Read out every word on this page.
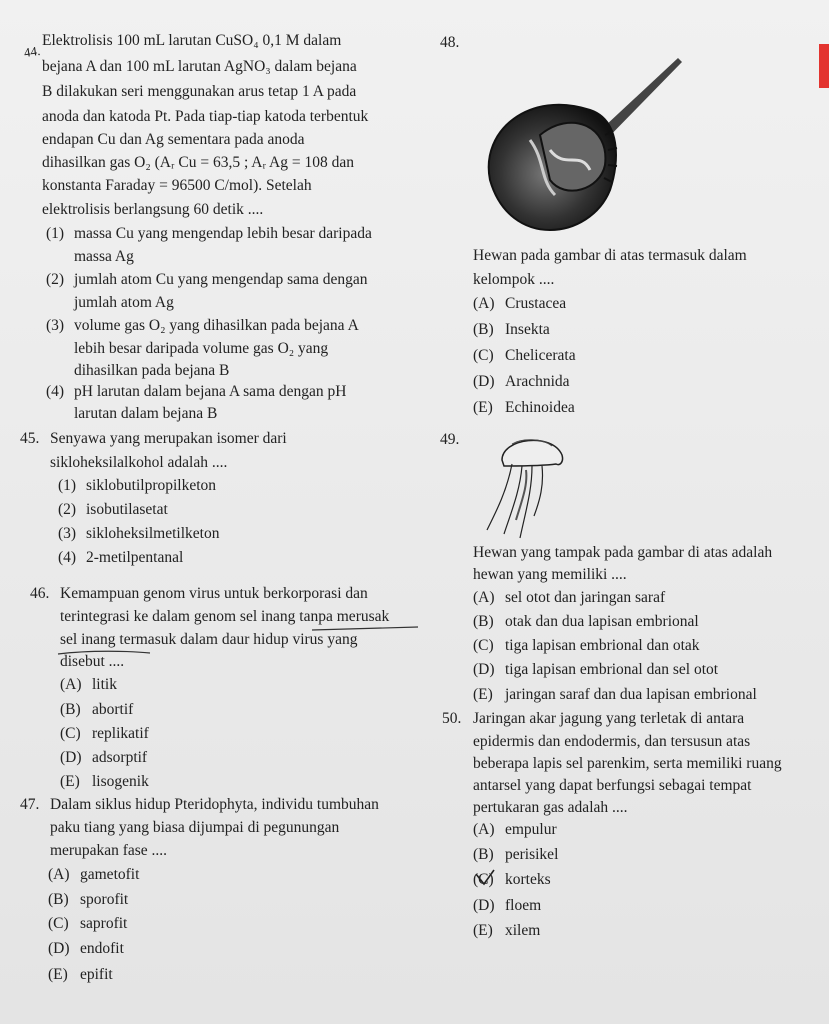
44.
Elektrolisis 100 mL larutan CuSO₄ 0,1 M dalam
bejana A dan 100 mL larutan AgNO₃ dalam bejana
B dilakukan seri menggunakan arus tetap 1 A pada
anoda dan katoda Pt. Pada tiap-tiap katoda terbentuk
endapan Cu dan Ag sementara pada anoda
dihasilkan gas O₂ (Aᵣ Cu = 63,5 ; Aᵣ Ag = 108 dan
konstanta Faraday = 96500 C/mol). Setelah
elektrolisis berlangsung 60 detik ....
(1) massa Cu yang mengendap lebih besar daripada
massa Ag
(2) jumlah atom Cu yang mengendap sama dengan
jumlah atom Ag
(3) volume gas O₂ yang dihasilkan pada bejana A
lebih besar daripada volume gas O₂ yang
dihasilkan pada bejana B
(4) pH larutan dalam bejana A sama dengan pH
larutan dalam bejana B
45. Senyawa yang merupakan isomer dari
sikloheksilalkohol adalah ....
(1) siklobutilpropilketon
(2) isobutilasetat
(3) sikloheksilmetilketon
(4) 2-metilpentanal
46. Kemampuan genom virus untuk berkorporasi dan
terintegrasi ke dalam genom sel inang tanpa merusak
sel inang termasuk dalam daur hidup virus yang
disebut ....
(A) litik
(B) abortif
(C) replikatif
(D) adsorptif
(E) lisogenik
47. Dalam siklus hidup Pteridophyta, individu tumbuhan
paku tiang yang biasa dijumpai di pegunungan
merupakan fase ....
(A) gametofit
(B) sporofit
(C) saprofit
(D) endofit
(E) epifit
48.
Hewan pada gambar di atas termasuk dalam
kelompok ....
(A) Crustacea
(B) Insekta
(C) Chelicerata
(D) Arachnida
(E) Echinoidea
49.
Hewan yang tampak pada gambar di atas adalah
hewan yang memiliki ....
(A) sel otot dan jaringan saraf
(B) otak dan dua lapisan embrional
(C) tiga lapisan embrional dan otak
(D) tiga lapisan embrional dan sel otot
(E) jaringan saraf dan dua lapisan embrional
50. Jaringan akar jagung yang terletak di antara
epidermis dan endodermis, dan tersusun atas
beberapa lapis sel parenkim, serta memiliki ruang
antarsel yang dapat berfungsi sebagai tempat
pertukaran gas adalah ....
(A) empulur
(B) perisikel
(C) korteks
(D) floem
(E) xilem
